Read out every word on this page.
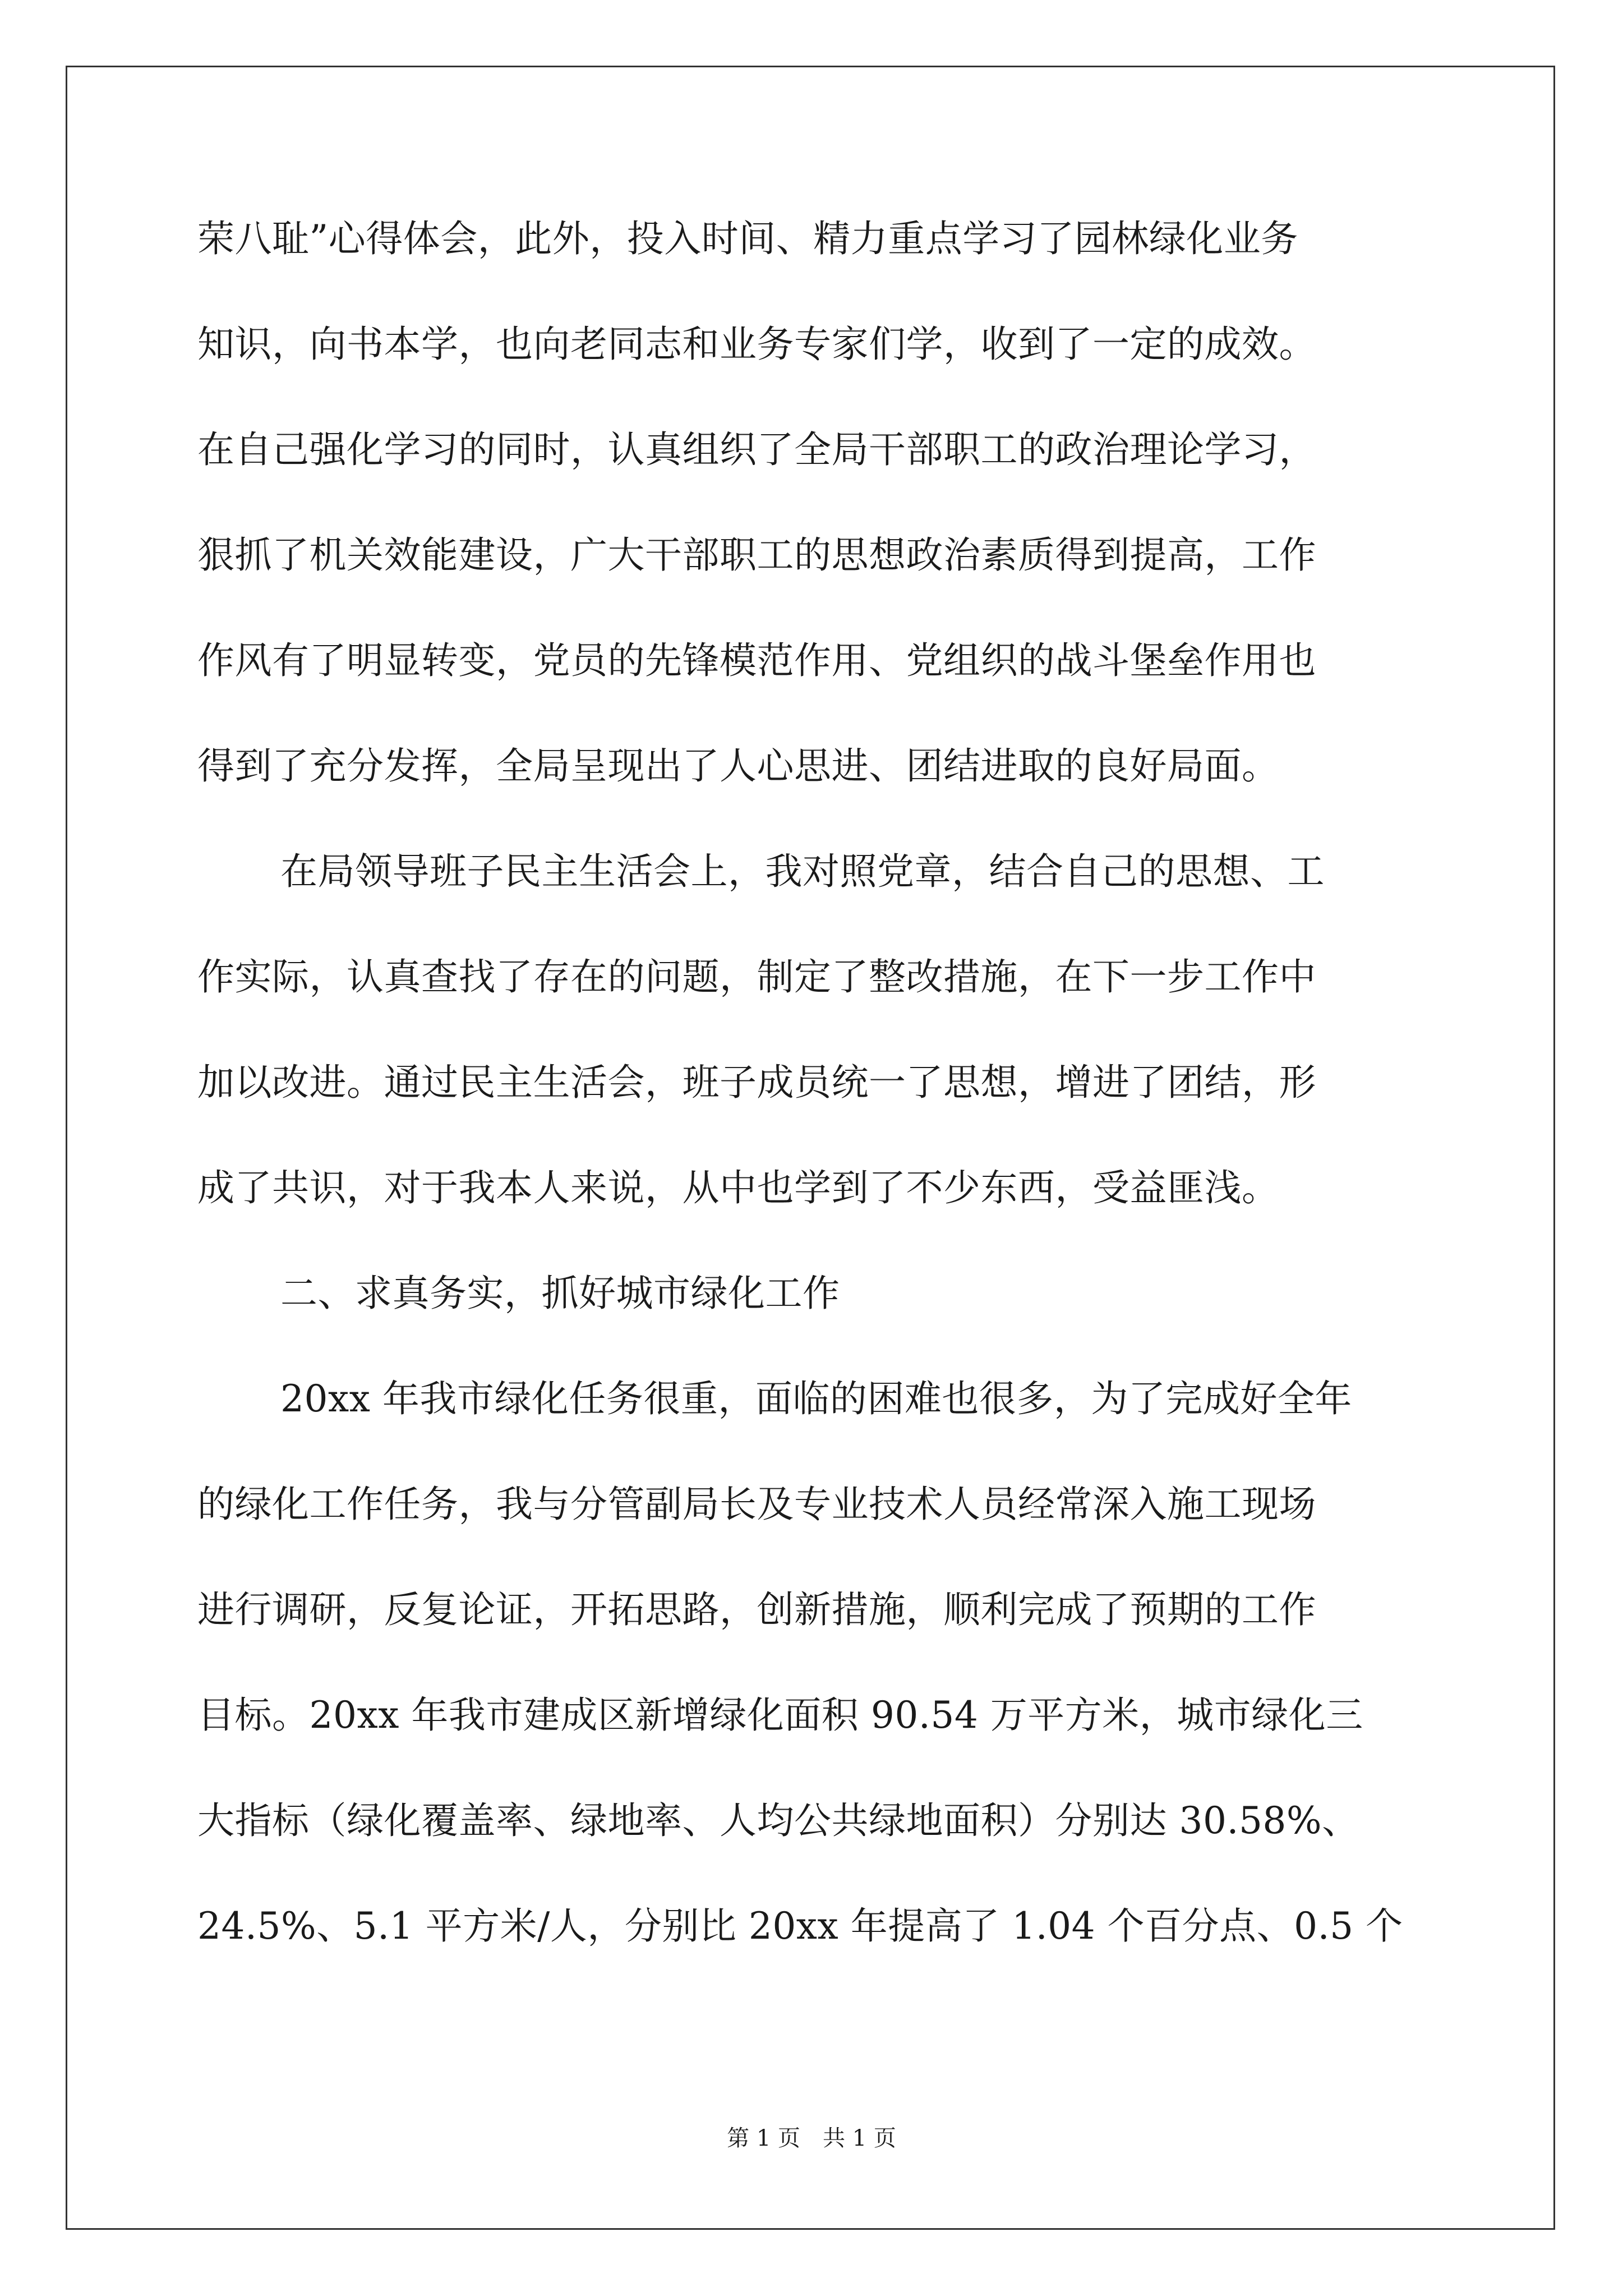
荣八耻”心得体会，此外，投入时间、精力重点学习了园林绿化业务
知识，向书本学，也向老同志和业务专家们学，收到了一定的成效。
在自己强化学习的同时，认真组织了全局干部职工的政治理论学习，
狠抓了机关效能建设，广大干部职工的思想政治素质得到提高，工作
作风有了明显转变，党员的先锋模范作用、党组织的战斗堡垒作用也
得到了充分发挥，全局呈现出了人心思进、团结进取的良好局面。
在局领导班子民主生活会上，我对照党章，结合自己的思想、工
作实际，认真查找了存在的问题，制定了整改措施，在下一步工作中
加以改进。通过民主生活会，班子成员统一了思想，增进了团结，形
成了共识，对于我本人来说，从中也学到了不少东西，受益匪浅。
二、求真务实，抓好城市绿化工作
20xx 年我市绿化任务很重，面临的困难也很多，为了完成好全年
的绿化工作任务，我与分管副局长及专业技术人员经常深入施工现场
进行调研，反复论证，开拓思路，创新措施，顺利完成了预期的工作
目标。20xx 年我市建成区新增绿化面积 90.54 万平方米，城市绿化三
大指标（绿化覆盖率、绿地率、人均公共绿地面积）分别达 30.58%、
24.5%、5.1 平方米/人，分别比 20xx 年提高了 1.04 个百分点、0.5 个
第 1 页　共 1 页
